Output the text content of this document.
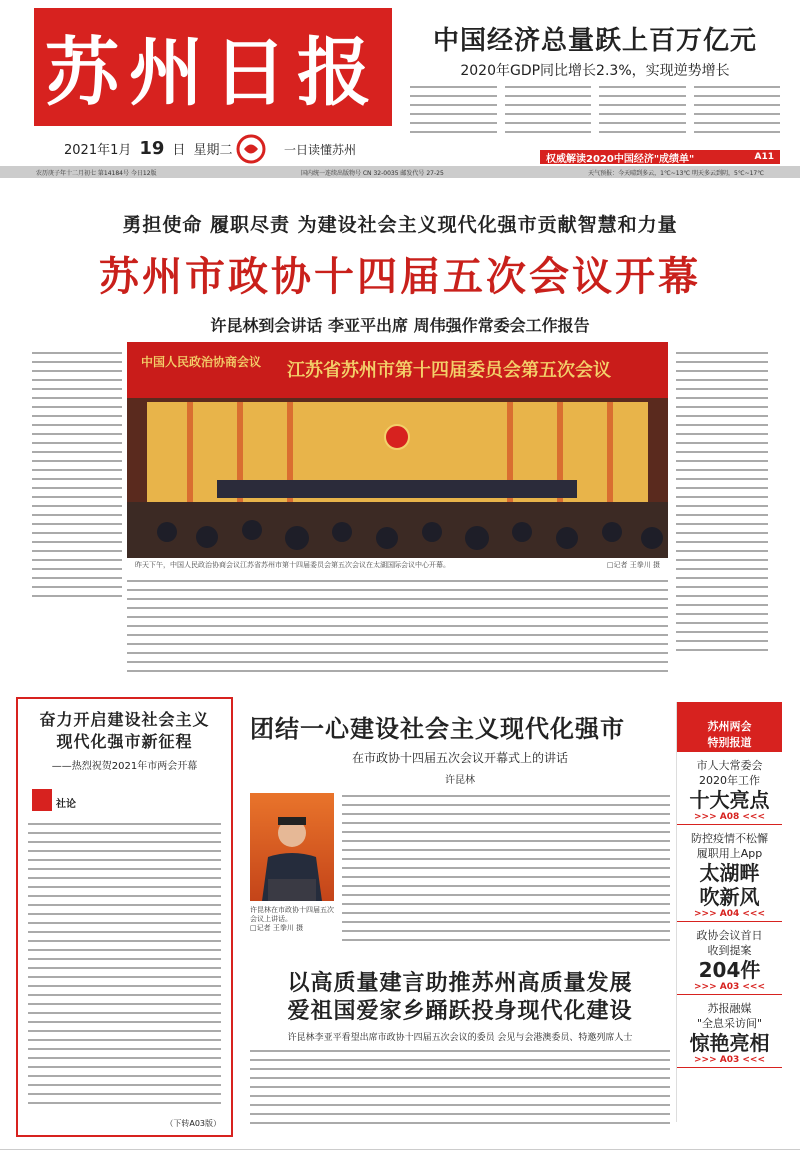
苏州日报
2021年1月 19 日 星期二	一日读懂苏州
中国经济总量跃上百万亿元
2020年GDP同比增长2.3%，实现逆势增长
权威解读2020中国经济"成绩单"	A11
农历庚子年十二月初七 第14184号 今日12版	国内统一连续出版物号 CN 32-0035 邮发代号 27-25	天气预报：今天晴到多云，1℃~13℃ 明天多云到阴，5℃~17℃
勇担使命 履职尽责 为建设社会主义现代化强市贡献智慧和力量
苏州市政协十四届五次会议开幕
许昆林到会讲话 李亚平出席 周伟强作常委会工作报告
中国人民政治协商会议 江苏省苏州市第十四届委员会第五次会议
昨天下午，中国人民政治协商会议江苏省苏州市第十四届委员会第五次会议在太湖国际会议中心开幕。	□记者 王拳川 摄
奋力开启建设社会主义
现代化强市新征程
——热烈祝贺2021年市两会开幕
社论
（下转A03版）
团结一心建设社会主义现代化强市
在市政协十四届五次会议开幕式上的讲话
许昆林
许昆林在市政协十四届五次会议上讲话。
□记者 王拳川 摄
以高质量建言助推苏州高质量发展
爱祖国爱家乡踊跃投身现代化建设
许昆林李亚平看望出席市政协十四届五次会议的委员 会见与会港澳委员、特邀列席人士
苏州两会
特别报道
市人大常委会
2020年工作
十大亮点
>>> A08 <<<
防控疫情不松懈
履职用上App
太湖畔
吹新风
>>> A04 <<<
政协会议首日
收到提案
204件
>>> A03 <<<
苏报融媒
"全息采访间"
惊艳亮相
>>> A03 <<<
